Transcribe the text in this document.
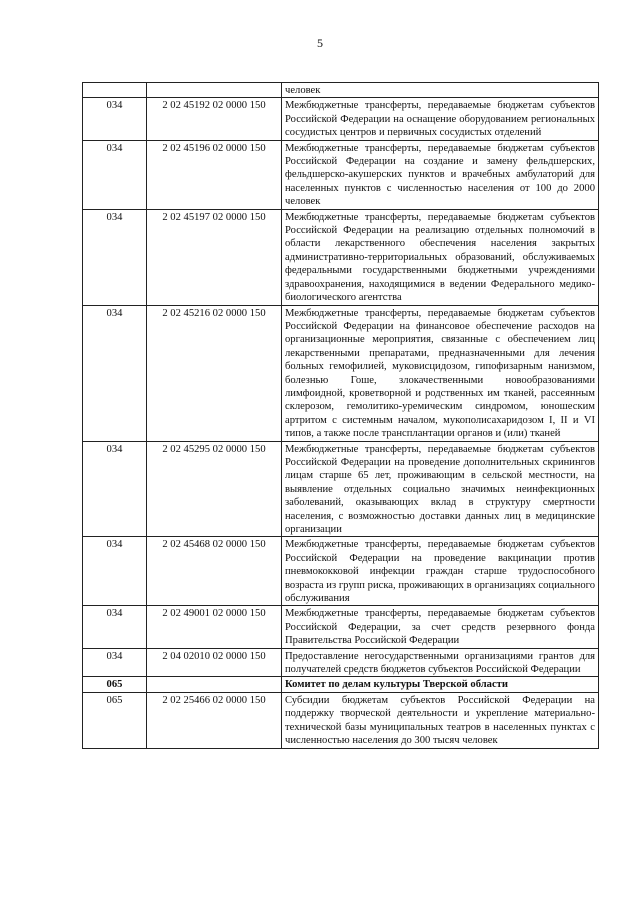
5
		человек
034	2 02 45192 02 0000 150	Межбюджетные трансферты, передаваемые бюджетам субъектов Российской Федерации на оснащение оборудованием региональных сосудистых центров и первичных сосудистых отделений
034	2 02 45196 02 0000 150	Межбюджетные трансферты, передаваемые бюджетам субъектов Российской Федерации на создание и замену фельдшерских, фельдшерско-акушерских пунктов и врачебных амбулаторий для населенных пунктов с численностью населения от 100 до 2000 человек
034	2 02 45197 02 0000 150	Межбюджетные трансферты, передаваемые бюджетам субъектов Российской Федерации на реализацию отдельных полномочий в области лекарственного обеспечения населения закрытых административно-территориальных образований, обслуживаемых федеральными государственными бюджетными учреждениями здравоохранения, находящимися в ведении Федерального медико-биологического агентства
034	2 02 45216 02 0000 150	Межбюджетные трансферты, передаваемые бюджетам субъектов Российской Федерации на финансовое обеспечение расходов на организационные мероприятия, связанные с обеспечением лиц лекарственными препаратами, предназначенными для лечения больных гемофилией, муковисцидозом, гипофизарным нанизмом, болезнью Гоше, злокачественными новообразованиями лимфоидной, кроветворной и родственных им тканей, рассеянным склерозом, гемолитико-уремическим синдромом, юношеским артритом с системным началом, мукополисахаридозом I, II и VI типов, а также после трансплантации органов и (или) тканей
034	2 02 45295 02 0000 150	Межбюджетные трансферты, передаваемые бюджетам субъектов Российской Федерации на проведение дополнительных скринингов лицам старше 65 лет, проживающим в сельской местности, на выявление отдельных социально значимых неинфекционных заболеваний, оказывающих вклад в структуру смертности населения, с возможностью доставки данных лиц в медицинские организации
034	2 02 45468 02 0000 150	Межбюджетные трансферты, передаваемые бюджетам субъектов Российской Федерации на проведение вакцинации против пневмококковой инфекции граждан старше трудоспособного возраста из групп риска, проживающих в организациях социального обслуживания
034	2 02 49001 02 0000 150	Межбюджетные трансферты, передаваемые бюджетам субъектов Российской Федерации, за счет средств резервного фонда Правительства Российской Федерации
034	2 04 02010 02 0000 150	Предоставление негосударственными организациями грантов для получателей средств бюджетов субъектов Российской Федерации
065		Комитет по делам культуры Тверской области
065	2 02 25466 02 0000 150	Субсидии бюджетам субъектов Российской Федерации на поддержку творческой деятельности и укрепление материально-технической базы муниципальных театров в населенных пунктах с численностью населения до 300 тысяч человек
